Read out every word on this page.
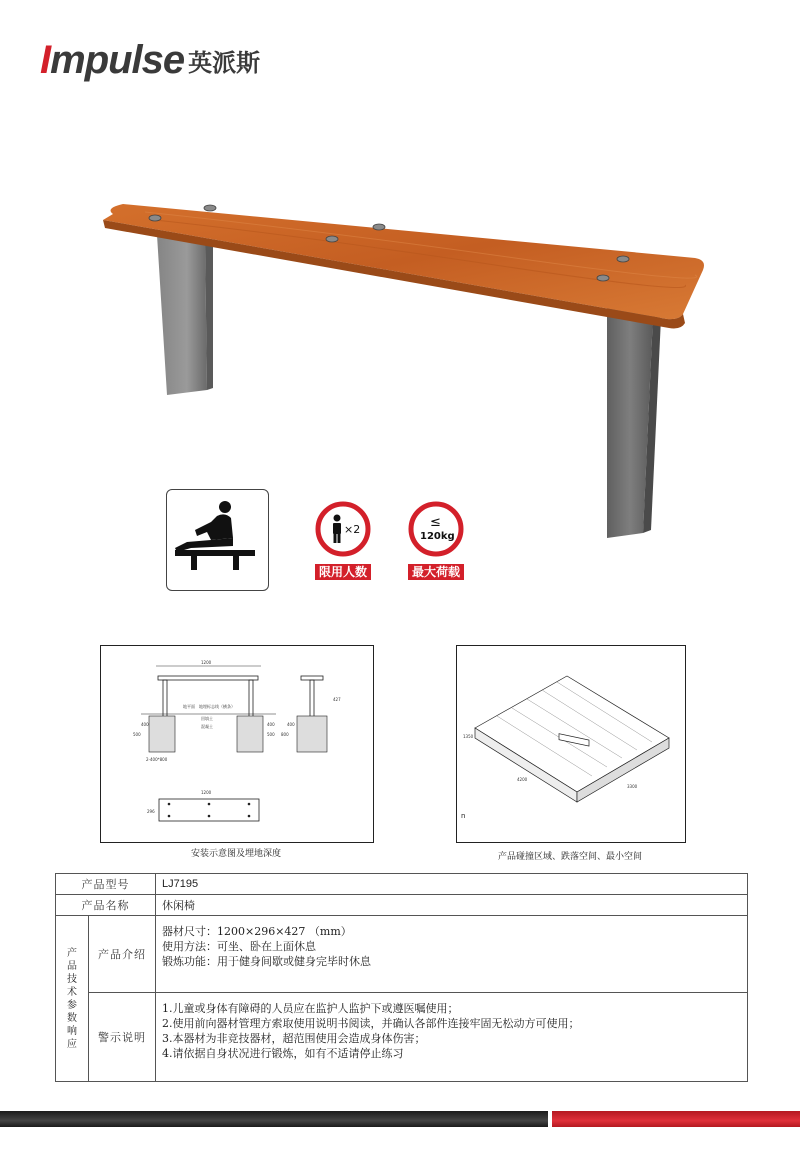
I mpulse 英派斯
×2
限用人数
≤
120kg
最大荷载
1200
地平面 地埋标志线（横条）
回填土
混凝土
500
400
500
400
2-400*800
427
800
400
1200
296
安装示意图及埋地深度
1350
4200
3300
n
产品碰撞区域、跌落空间、最小空间
产品型号		LJ7195
产品名称		休闲椅
产品技术参数响应	产品介绍	器材尺寸：1200×296×427 （mm）
使用方法：可坐、卧在上面休息
锻炼功能：用于健身间歇或健身完毕时休息

	警示说明	1.儿童或身体有障碍的人员应在监护人监护下或遵医嘱使用；
2.使用前向器材管理方索取使用说明书阅读，并确认各部件连接牢固无松动方可使用；
3.本器材为非竞技器材，超范围使用会造成身体伤害；
4.请依据自身状况进行锻炼，如有不适请停止练习
